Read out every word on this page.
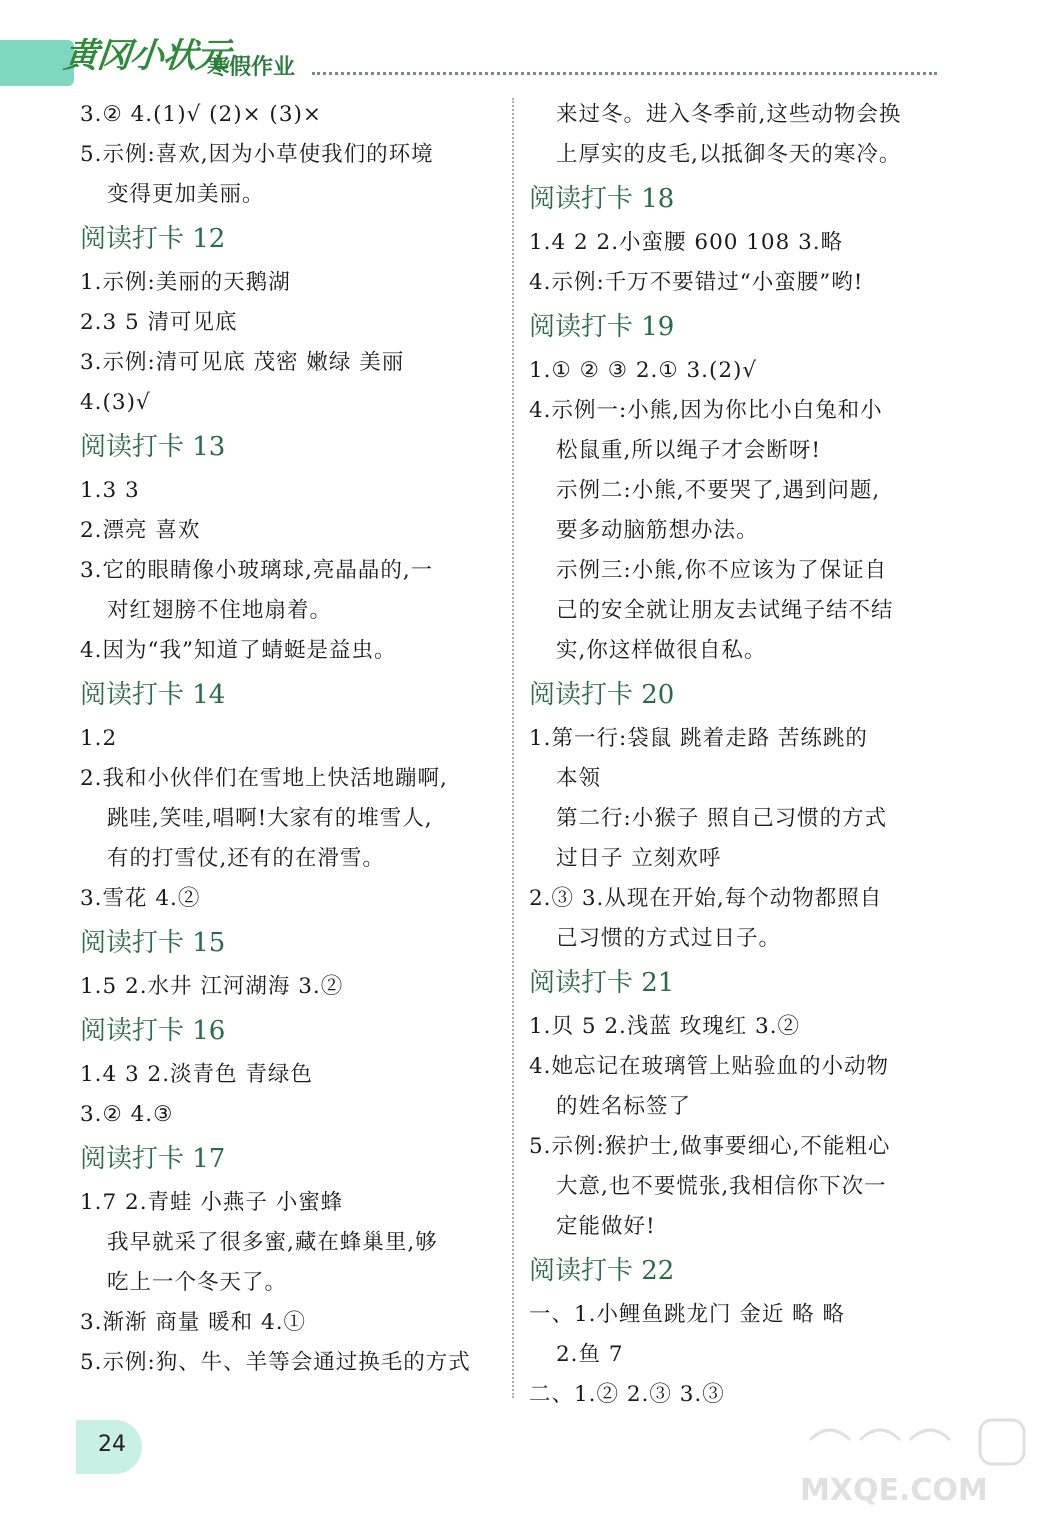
黄冈小状元
寒假作业
3.② 4.(1)√ (2)× (3)×
5.示例:喜欢,因为小草使我们的环境
变得更加美丽。
阅读打卡 12
1.示例:美丽的天鹅湖
2.3 5 清可见底
3.示例:清可见底 茂密 嫩绿 美丽
4.(3)√
阅读打卡 13
1.3 3
2.漂亮 喜欢
3.它的眼睛像小玻璃球,亮晶晶的,一
对红翅膀不住地扇着。
4.因为“我”知道了蜻蜓是益虫。
阅读打卡 14
1.2
2.我和小伙伴们在雪地上快活地蹦啊,
跳哇,笑哇,唱啊!大家有的堆雪人,
有的打雪仗,还有的在滑雪。
3.雪花 4.②
阅读打卡 15
1.5 2.水井 江河湖海 3.②
阅读打卡 16
1.4 3 2.淡青色 青绿色
3.② 4.③
阅读打卡 17
1.7 2.青蛙 小燕子 小蜜蜂
我早就采了很多蜜,藏在蜂巢里,够
吃上一个冬天了。
3.渐渐 商量 暖和 4.①
5.示例:狗、牛、羊等会通过换毛的方式
来过冬。进入冬季前,这些动物会换
上厚实的皮毛,以抵御冬天的寒冷。
阅读打卡 18
1.4 2 2.小蛮腰 600 108 3.略
4.示例:千万不要错过“小蛮腰”哟!
阅读打卡 19
1.① ② ③ 2.① 3.(2)√
4.示例一:小熊,因为你比小白兔和小
松鼠重,所以绳子才会断呀!
示例二:小熊,不要哭了,遇到问题,
要多动脑筋想办法。
示例三:小熊,你不应该为了保证自
己的安全就让朋友去试绳子结不结
实,你这样做很自私。
阅读打卡 20
1.第一行:袋鼠 跳着走路 苦练跳的
本领
第二行:小猴子 照自己习惯的方式
过日子 立刻欢呼
2.③ 3.从现在开始,每个动物都照自
己习惯的方式过日子。
阅读打卡 21
1.贝 5 2.浅蓝 玫瑰红 3.②
4.她忘记在玻璃管上贴验血的小动物
的姓名标签了
5.示例:猴护士,做事要细心,不能粗心
大意,也不要慌张,我相信你下次一
定能做好!
阅读打卡 22
一、1.小鲤鱼跳龙门 金近 略 略
2.鱼 7
二、1.② 2.③ 3.③
24
MXQE.COM
